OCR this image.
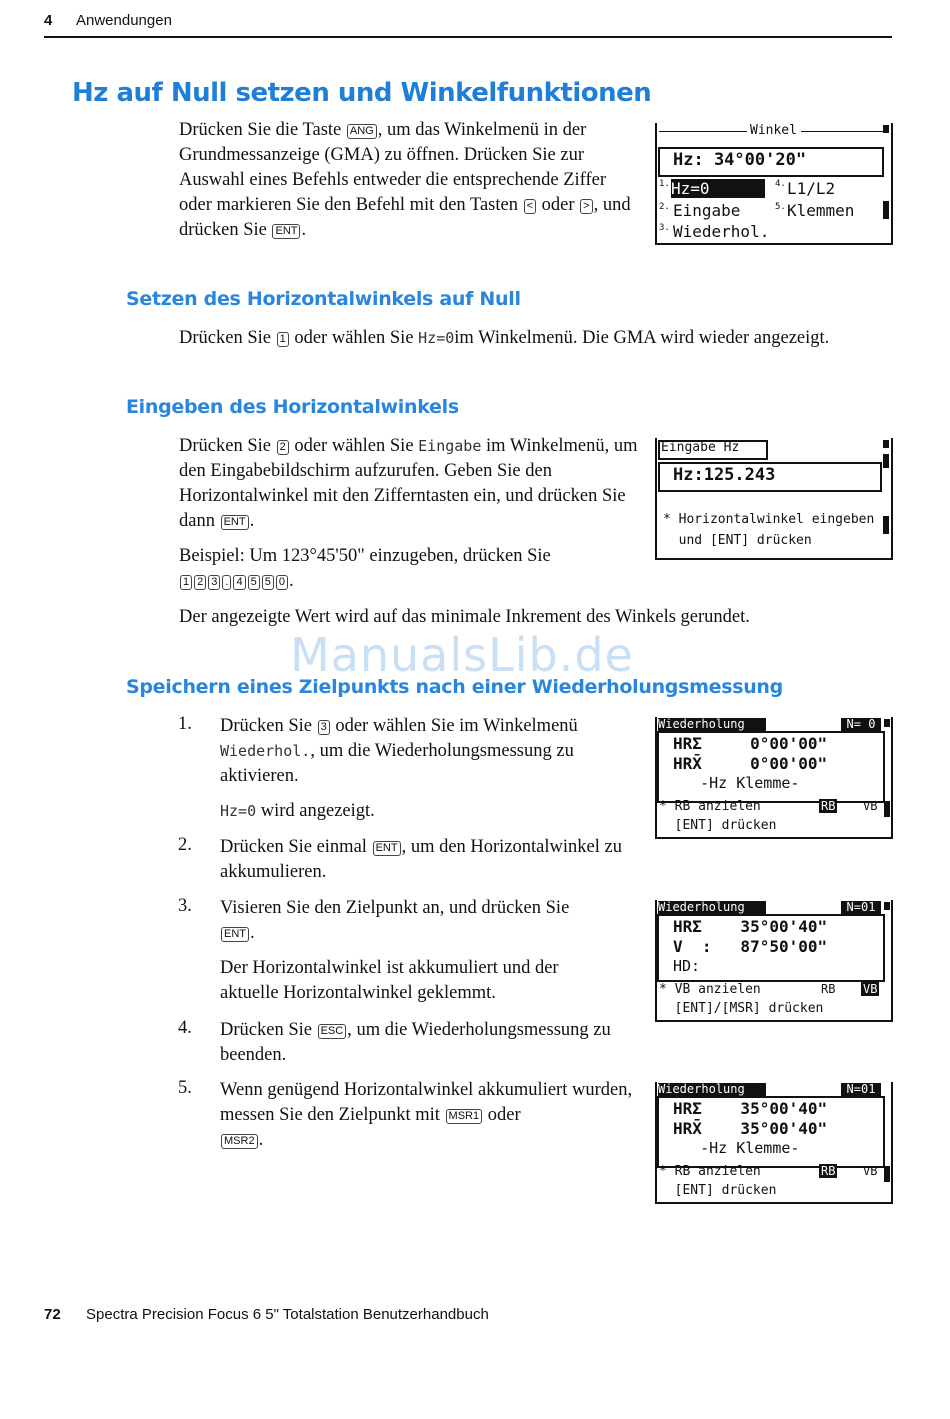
4 Anwendungen
Hz auf Null setzen und Winkelfunktionen
Drücken Sie die Taste ANG , um das Winkelmenü in der Grundmessanzeige (GMA) zu öffnen. Drücken Sie zur Auswahl eines Befehls entweder die entsprechende Ziffer oder markieren Sie den Befehl mit den Tasten < oder > , und drücken Sie ENT .
Winkel
Hz: 34°00'20"
1. Hz=0	4. L1/L2
2. Eingabe	5. Klemmen
3. Wiederhol.
Setzen des Horizontalwinkels auf Null
Drücken Sie 1 oder wählen Sie Hz=0im Winkelmenü. Die GMA wird wieder angezeigt.
Eingeben des Horizontalwinkels
Drücken Sie 2 oder wählen Sie Eingabe im Winkelmenü, um den Eingabebildschirm aufzurufen. Geben Sie den Horizontalwinkel mit den Zifferntasten ein, und drücken Sie dann ENT .
Beispiel: Um 123°45'50" einzugeben, drücken Sie
1 2 3 . 4 5 5 0 .
Der angezeigte Wert wird auf das minimale Inkrement des Winkels gerundet.
Eingabe Hz
Hz:125.243
* Horizontalwinkel eingeben
und [ENT] drücken
ManualsLib.de
Speichern eines Zielpunkts nach einer Wiederholungsmessung
1. Drücken Sie 3 oder wählen Sie im Winkelmenü
Wiederhol., um die Wiederholungsmessung zu aktivieren.
Hz=0 wird angezeigt.
2. Drücken Sie einmal ENT , um den Horizontalwinkel zu akkumulieren.
3. Visieren Sie den Zielpunkt an, und drücken Sie
ENT .
Der Horizontalwinkel ist akkumuliert und der aktuelle Horizontalwinkel geklemmt.
4. Drücken Sie ESC , um die Wiederholungsmessung zu beenden.
5. Wenn genügend Horizontalwinkel akkumuliert wurden, messen Sie den Zielpunkt mit MSR1 oder
MSR2 .
Wiederholung	N= 0
HRΣ     0°00'00"
HRX̄     0°00'00"
-Hz Klemme-
* RB anzielen	RB VB
[ENT] drücken
Wiederholung	N=01
HRΣ    35°00'40"
V  :   87°50'00"
HD:
* VB anzielen	RB VB
[ENT]/[MSR] drücken
Wiederholung	N=01
HRΣ    35°00'40"
HRX̄    35°00'40"
-Hz Klemme-
* RB anzielen	RB VB
[ENT] drücken
72 Spectra Precision Focus 6 5" Totalstation Benutzerhandbuch
